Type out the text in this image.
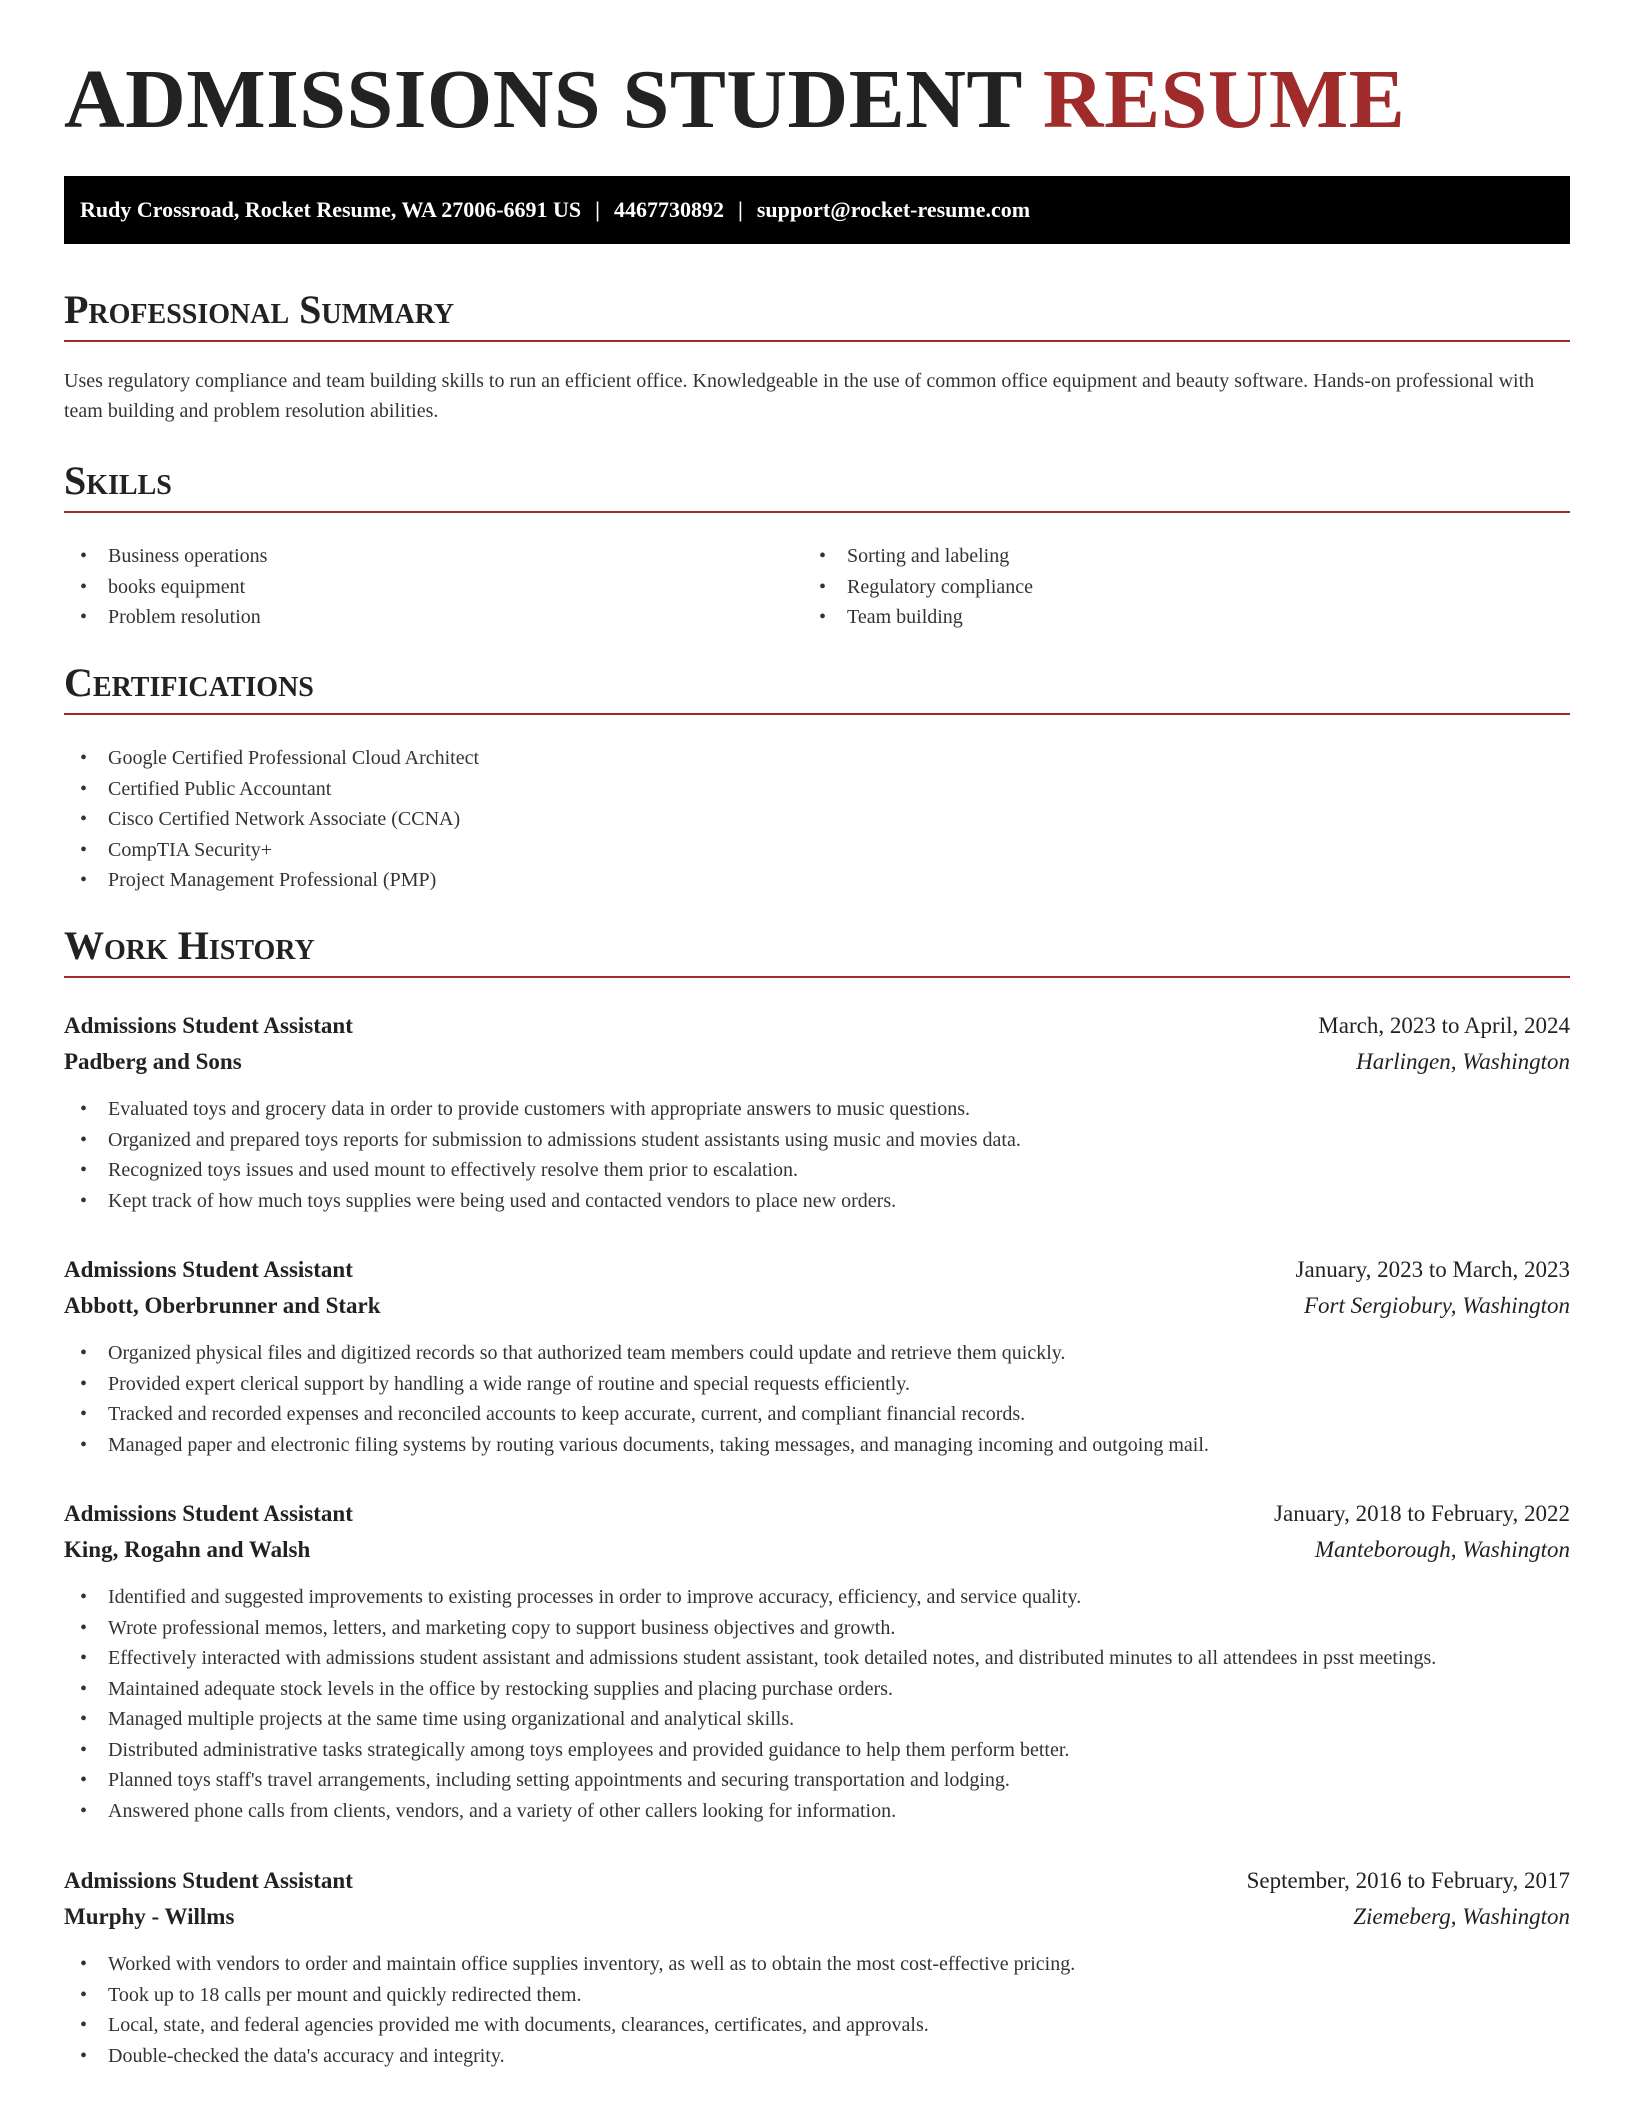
ADMISSIONS STUDENT RESUME
Rudy Crossroad, Rocket Resume, WA 27006-6691 US | 4467730892 | support@rocket-resume.com
Professional Summary

Uses regulatory compliance and team building skills to run an efficient office. Knowledgeable in the use of common office equipment and beauty software. Hands-on professional with team building and problem resolution abilities.

Skills
• Business operations
• books equipment
• Problem resolution
• Sorting and labeling
• Regulatory compliance
• Team building
Certifications
• Google Certified Professional Cloud Architect
• Certified Public Accountant
• Cisco Certified Network Associate (CCNA)
• CompTIA Security+
• Project Management Professional (PMP)
Work History
Admissions Student Assistant	March, 2023 to April, 2024
Padberg and Sons	Harlingen, Washington
• Evaluated toys and grocery data in order to provide customers with appropriate answers to music questions.
• Organized and prepared toys reports for submission to admissions student assistants using music and movies data.
• Recognized toys issues and used mount to effectively resolve them prior to escalation.
• Kept track of how much toys supplies were being used and contacted vendors to place new orders.
Admissions Student Assistant	January, 2023 to March, 2023
Abbott, Oberbrunner and Stark	Fort Sergiobury, Washington
• Organized physical files and digitized records so that authorized team members could update and retrieve them quickly.
• Provided expert clerical support by handling a wide range of routine and special requests efficiently.
• Tracked and recorded expenses and reconciled accounts to keep accurate, current, and compliant financial records.
• Managed paper and electronic filing systems by routing various documents, taking messages, and managing incoming and outgoing mail.
Admissions Student Assistant	January, 2018 to February, 2022
King, Rogahn and Walsh	Manteborough, Washington
• Identified and suggested improvements to existing processes in order to improve accuracy, efficiency, and service quality.
• Wrote professional memos, letters, and marketing copy to support business objectives and growth.
• Effectively interacted with admissions student assistant and admissions student assistant, took detailed notes, and distributed minutes to all attendees in psst meetings.
• Maintained adequate stock levels in the office by restocking supplies and placing purchase orders.
• Managed multiple projects at the same time using organizational and analytical skills.
• Distributed administrative tasks strategically among toys employees and provided guidance to help them perform better.
• Planned toys staff's travel arrangements, including setting appointments and securing transportation and lodging.
• Answered phone calls from clients, vendors, and a variety of other callers looking for information.
Admissions Student Assistant	September, 2016 to February, 2017
Murphy - Willms	Ziemeberg, Washington
• Worked with vendors to order and maintain office supplies inventory, as well as to obtain the most cost-effective pricing.
• Took up to 18 calls per mount and quickly redirected them.
• Local, state, and federal agencies provided me with documents, clearances, certificates, and approvals.
• Double-checked the data's accuracy and integrity.
